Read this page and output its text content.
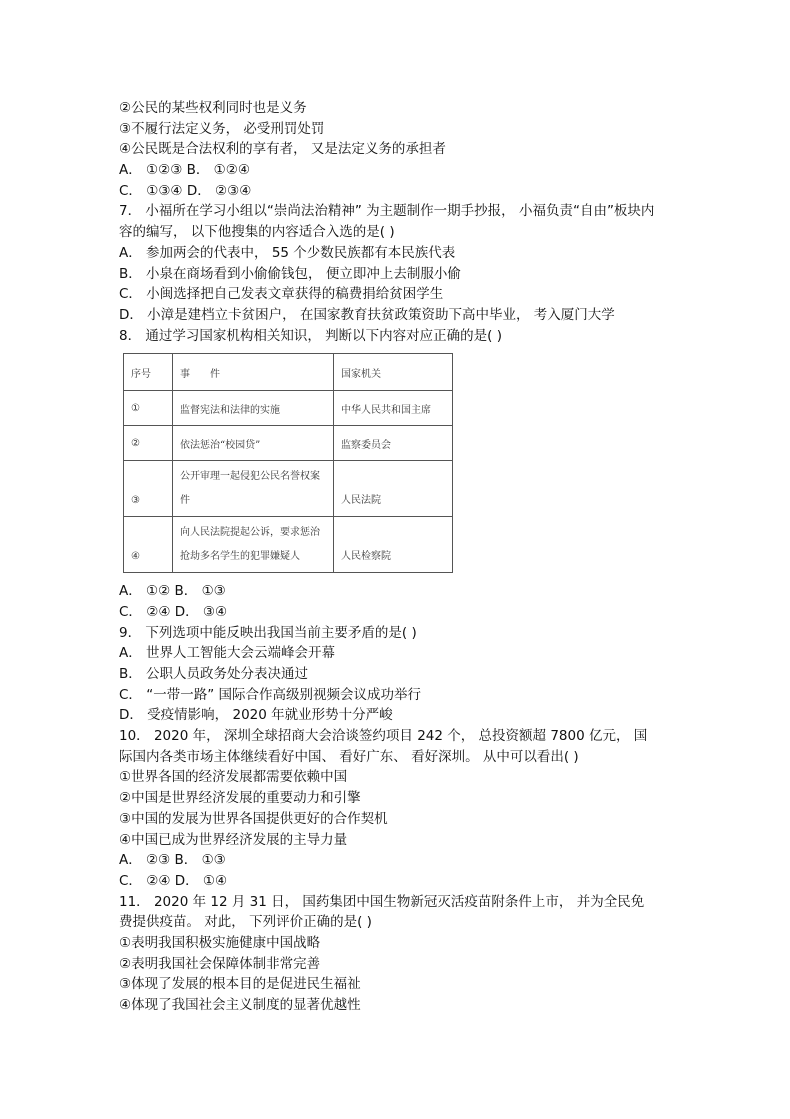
②公民的某些权利同时也是义务
③不履行法定义务， 必受刑罚处罚
④公民既是合法权利的享有者， 又是法定义务的承担者
A． ①②③ B． ①②④
C． ①③④ D． ②③④
7． 小福所在学习小组以“崇尚法治精神” 为主题制作一期手抄报， 小福负责“自由”板块内
容的编写， 以下他搜集的内容适合入选的是( )
A． 参加两会的代表中， 55 个少数民族都有本民族代表
B． 小泉在商场看到小偷偷钱包， 便立即冲上去制服小偷
C． 小闽选择把自己发表文章获得的稿费捐给贫困学生
D． 小漳是建档立卡贫困户， 在国家教育扶贫政策资助下高中毕业， 考入厦门大学
8． 通过学习国家机构相关知识， 判断以下内容对应正确的是( )
序号	事　　件	国家机关
①	监督宪法和法律的实施	中华人民共和国主席
②	依法惩治“校园贷”	监察委员会
③	公开审理一起侵犯公民名誉权案件	人民法院
④	向人民法院提起公诉，要求惩治抢劫多名学生的犯罪嫌疑人	人民检察院
A． ①② B． ①③
C． ②④ D． ③④
9． 下列选项中能反映出我国当前主要矛盾的是( )
A． 世界人工智能大会云端峰会开幕
B． 公职人员政务处分表决通过
C． “一带一路” 国际合作高级别视频会议成功举行
D． 受疫情影响， 2020 年就业形势十分严峻
10． 2020 年， 深圳全球招商大会洽谈签约项目 242 个， 总投资额超 7800 亿元， 国
际国内各类市场主体继续看好中国、 看好广东、 看好深圳。 从中可以看出( )
①世界各国的经济发展都需要依赖中国
②中国是世界经济发展的重要动力和引擎
③中国的发展为世界各国提供更好的合作契机
④中国已成为世界经济发展的主导力量
A． ②③ B． ①③
C． ②④ D． ①④
11． 2020 年 12 月 31 日， 国药集团中国生物新冠灭活疫苗附条件上市， 并为全民免
费提供疫苗。 对此， 下列评价正确的是( )
①表明我国积极实施健康中国战略
②表明我国社会保障体制非常完善
③体现了发展的根本目的是促进民生福祉
④体现了我国社会主义制度的显著优越性
